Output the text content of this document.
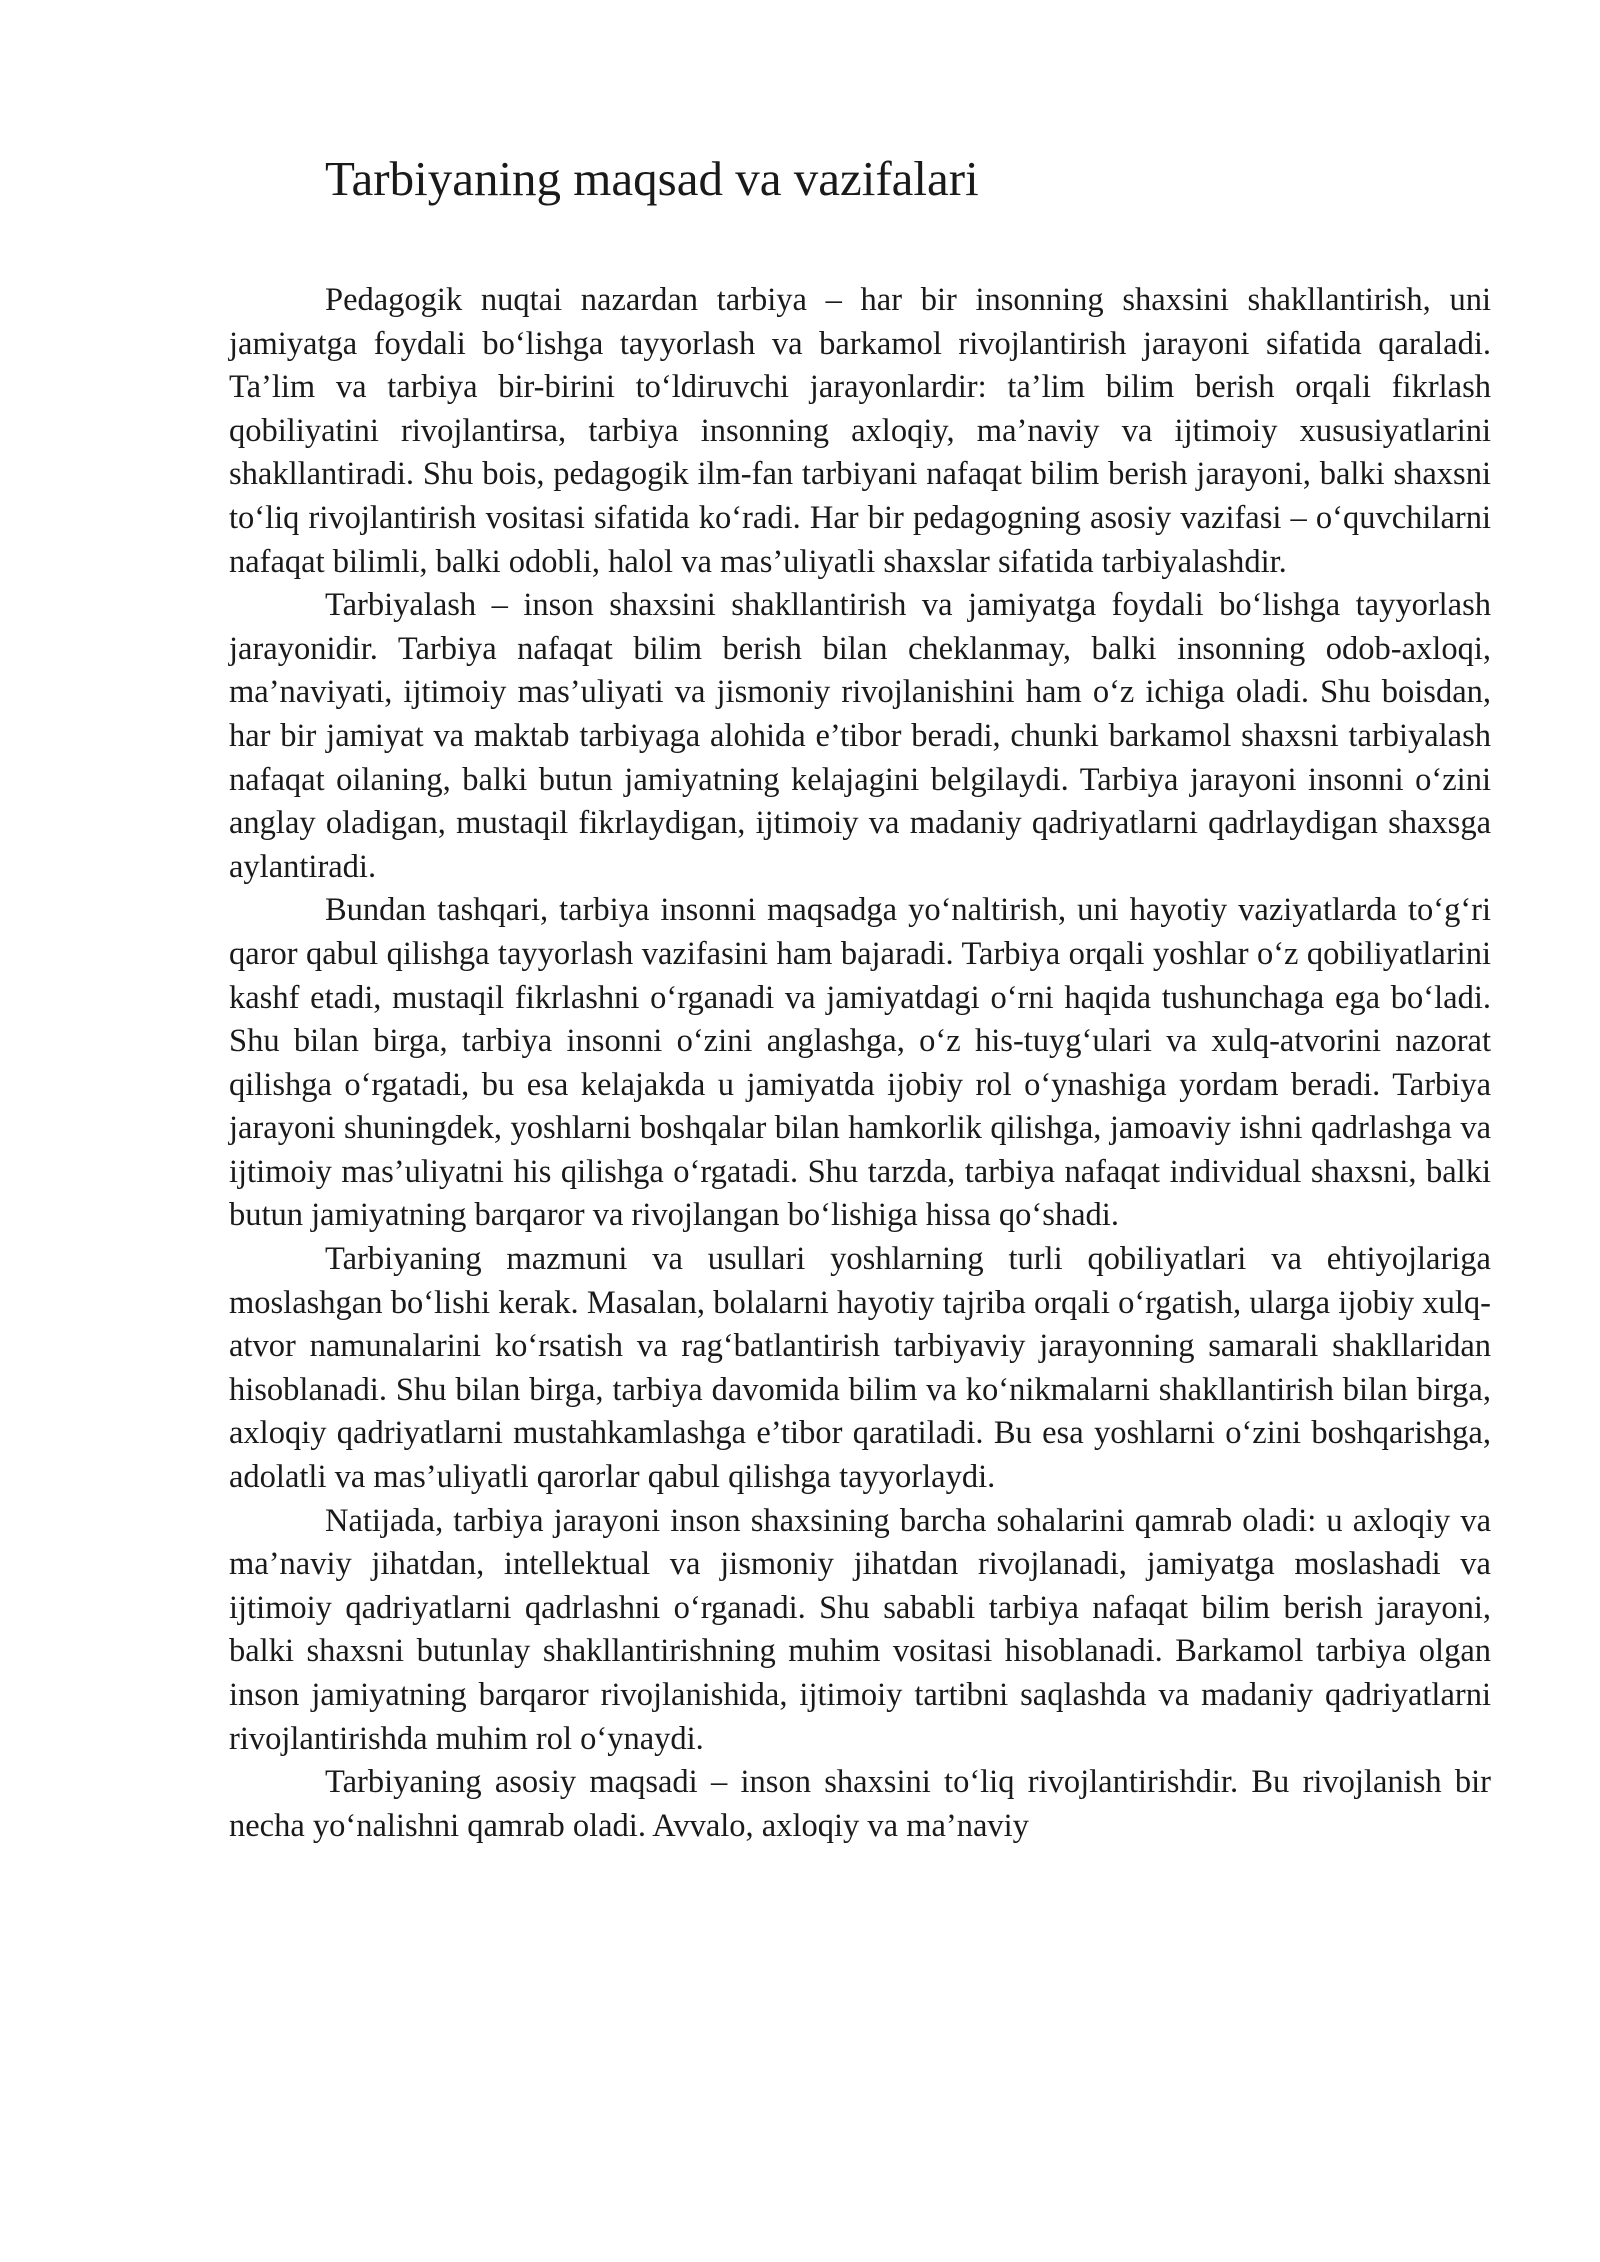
Tarbiyaning maqsad va vazifalari

Pedagogik nuqtai nazardan tarbiya – har bir insonning shaxsini shakllantirish, uni jamiyatga foydali bo‘lishga tayyorlash va barkamol rivojlantirish jarayoni sifatida qaraladi. Ta’lim va tarbiya bir-birini to‘ldiruvchi jarayonlardir: ta’lim bilim berish orqali fikrlash qobiliyatini rivojlantirsa, tarbiya insonning axloqiy, ma’naviy va ijtimoiy xususiyatlarini shakllantiradi. Shu bois, pedagogik ilm-fan tarbiyani nafaqat bilim berish jarayoni, balki shaxsni to‘liq rivojlantirish vositasi sifatida ko‘radi. Har bir pedagogning asosiy vazifasi – o‘quvchilarni nafaqat bilimli, balki odobli, halol va mas’uliyatli shaxslar sifatida tarbiyalashdir.

Tarbiyalash – inson shaxsini shakllantirish va jamiyatga foydali bo‘lishga tayyorlash jarayonidir. Tarbiya nafaqat bilim berish bilan cheklanmay, balki insonning odob-axloqi, ma’naviyati, ijtimoiy mas’uliyati va jismoniy rivojlanishini ham o‘z ichiga oladi. Shu boisdan, har bir jamiyat va maktab tarbiyaga alohida e’tibor beradi, chunki barkamol shaxsni tarbiyalash nafaqat oilaning, balki butun jamiyatning kelajagini belgilaydi. Tarbiya jarayoni insonni o‘zini anglay oladigan, mustaqil fikrlaydigan, ijtimoiy va madaniy qadriyatlarni qadrlaydigan shaxsga aylantiradi.

Bundan tashqari, tarbiya insonni maqsadga yo‘naltirish, uni hayotiy vaziyatlarda to‘g‘ri qaror qabul qilishga tayyorlash vazifasini ham bajaradi. Tarbiya orqali yoshlar o‘z qobiliyatlarini kashf etadi, mustaqil fikrlashni o‘rganadi va jamiyatdagi o‘rni haqida tushunchaga ega bo‘ladi. Shu bilan birga, tarbiya insonni o‘zini anglashga, o‘z his-tuyg‘ulari va xulq-atvorini nazorat qilishga o‘rgatadi, bu esa kelajakda u jamiyatda ijobiy rol o‘ynashiga yordam beradi. Tarbiya jarayoni shuningdek, yoshlarni boshqalar bilan hamkorlik qilishga, jamoaviy ishni qadrlashga va ijtimoiy mas’uliyatni his qilishga o‘rgatadi. Shu tarzda, tarbiya nafaqat individual shaxsni, balki butun jamiyatning barqaror va rivojlangan bo‘lishiga hissa qo‘shadi.

Tarbiyaning mazmuni va usullari yoshlarning turli qobiliyatlari va ehtiyojlariga moslashgan bo‘lishi kerak. Masalan, bolalarni hayotiy tajriba orqali o‘rgatish, ularga ijobiy xulq-atvor namunalarini ko‘rsatish va rag‘batlantirish tarbiyaviy jarayonning samarali shakllaridan hisoblanadi. Shu bilan birga, tarbiya davomida bilim va ko‘nikmalarni shakllantirish bilan birga, axloqiy qadriyatlarni mustahkamlashga e’tibor qaratiladi. Bu esa yoshlarni o‘zini boshqarishga, adolatli va mas’uliyatli qarorlar qabul qilishga tayyorlaydi.

Natijada, tarbiya jarayoni inson shaxsining barcha sohalarini qamrab oladi: u axloqiy va ma’naviy jihatdan, intellektual va jismoniy jihatdan rivojlanadi, jamiyatga moslashadi va ijtimoiy qadriyatlarni qadrlashni o‘rganadi. Shu sababli tarbiya nafaqat bilim berish jarayoni, balki shaxsni butunlay shakllantirishning muhim vositasi hisoblanadi. Barkamol tarbiya olgan inson jamiyatning barqaror rivojlanishida, ijtimoiy tartibni saqlashda va madaniy qadriyatlarni rivojlantirishda muhim rol o‘ynaydi.

Tarbiyaning asosiy maqsadi – inson shaxsini to‘liq rivojlantirishdir. Bu rivojlanish bir necha yo‘nalishni qamrab oladi. Avvalo, axloqiy va ma’naviy
